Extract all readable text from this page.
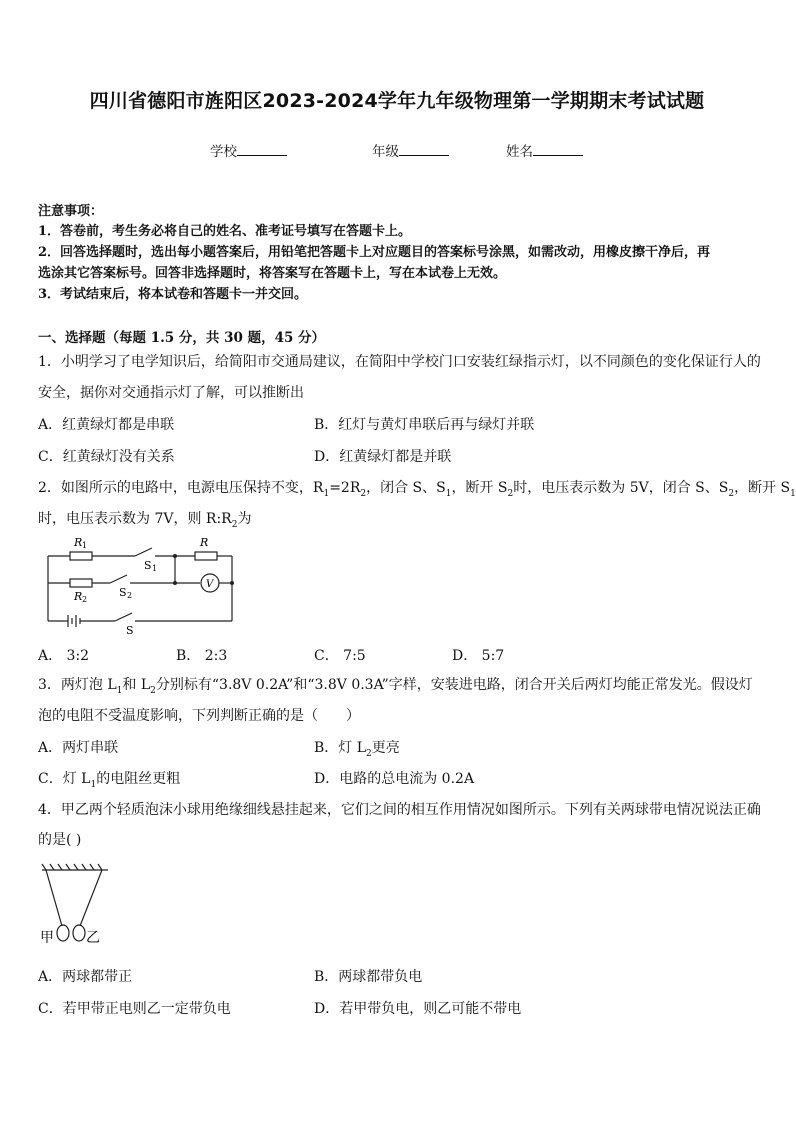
四川省德阳市旌阳区2023-2024学年九年级物理第一学期期末考试试题
学校	年级	姓名
注意事项：
1．答卷前，考生务必将自己的姓名、准考证号填写在答题卡上。
2．回答选择题时，选出每小题答案后，用铅笔把答题卡上对应题目的答案标号涂黑，如需改动，用橡皮擦干净后，再
选涂其它答案标号。回答非选择题时，将答案写在答题卡上，写在本试卷上无效。
3．考试结束后，将本试卷和答题卡一并交回。
一、选择题（每题 1.5 分，共 30 题，45 分）
1．小明学习了电学知识后，给简阳市交通局建议，在简阳中学校门口安装红绿指示灯，以不同颜色的变化保证行人的
安全，据你对交通指示灯了解，可以推断出
A．红黄绿灯都是串联	B．红灯与黄灯串联后再与绿灯并联
C．红黄绿灯没有关系	D．红黄绿灯都是并联
2．如图所示的电路中，电源电压保持不变，$R_1=2R_2$，闭合 S、$S_1$，断开 $S_2$时，电压表示数为 5V，闭合 S、$S_2$，断开 $S_1$
时，电压表示数为 7V，则 $R:R_2$为
V
R 1	R
R 2
S 1
S 2
S
A． 3:2	B． 2:3	C． 7:5	D． 5:7
3．两灯泡 $L_1$和 $L_2$分别标有“3.8V 0.2A”和“3.8V 0.3A”字样，安装进电路，闭合开关后两灯均能正常发光。假设灯
泡的电阻不受温度影响，下列判断正确的是（　　）
A．两灯串联	B．灯 $L_2$更亮
C．灯 $L_1$的电阻丝更粗	D．电路的总电流为 0.2A
4．甲乙两个轻质泡沫小球用绝缘细线悬挂起来，它们之间的相互作用情况如图所示。下列有关两球带电情况说法正确
的是( )
甲 乙
A．两球都带正	B．两球都带负电
C．若甲带正电则乙一定带负电	D．若甲带负电，则乙可能不带电
